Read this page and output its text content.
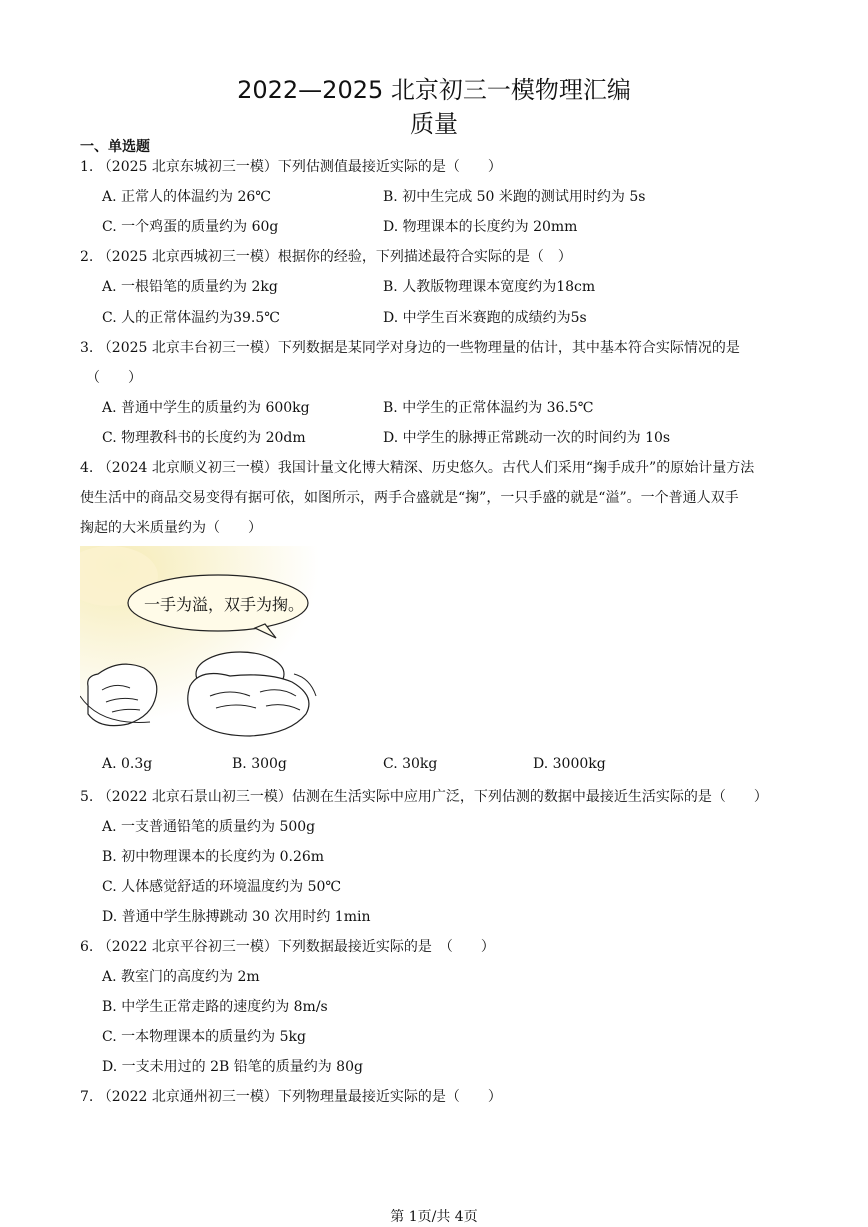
2022—2025 北京初三一模物理汇编
质量
一、单选题
1. （2025 北京东城初三一模）下列估测值最接近实际的是（　　）
A. 正常人的体温约为 26℃	B. 初中生完成 50 米跑的测试用时约为 5s
C. 一个鸡蛋的质量约为 60g	D. 物理课本的长度约为 20mm
2. （2025 北京西城初三一模）根据你的经验，下列描述最符合实际的是（　）
A. 一根铅笔的质量约为 2kg	B. 人教版物理课本宽度约为18cm
C. 人的正常体温约为39.5℃	D. 中学生百米赛跑的成绩约为5s
3. （2025 北京丰台初三一模）下列数据是某同学对身边的一些物理量的估计，其中基本符合实际情况的是
（　　）
A. 普通中学生的质量约为 600kg	B. 中学生的正常体温约为 36.5℃
C. 物理教科书的长度约为 20dm	D. 中学生的脉搏正常跳动一次的时间约为 10s
4. （2024 北京顺义初三一模）我国计量文化博大精深、历史悠久。古代人们采用“掬手成升”的原始计量方法
使生活中的商品交易变得有据可依，如图所示，两手合盛就是“掬”，一只手盛的就是“溢”。一个普通人双手
掬起的大米质量约为（　　）
一手为溢，双手为掬。
A. 0.3g	B. 300g	C. 30kg	D. 3000kg
5. （2022 北京石景山初三一模）估测在生活实际中应用广泛，下列估测的数据中最接近生活实际的是（　　）
A. 一支普通铅笔的质量约为 500g
B. 初中物理课本的长度约为 0.26m
C. 人体感觉舒适的环境温度约为 50℃
D. 普通中学生脉搏跳动 30 次用时约 1min
6. （2022 北京平谷初三一模）下列数据最接近实际的是　（　　）
A. 教室门的高度约为 2m
B. 中学生正常走路的速度约为 8m/s
C. 一本物理课本的质量约为 5kg
D. 一支未用过的 2B 铅笔的质量约为 80g
7. （2022 北京通州初三一模）下列物理量最接近实际的是（　　）
第 1页/共 4页
